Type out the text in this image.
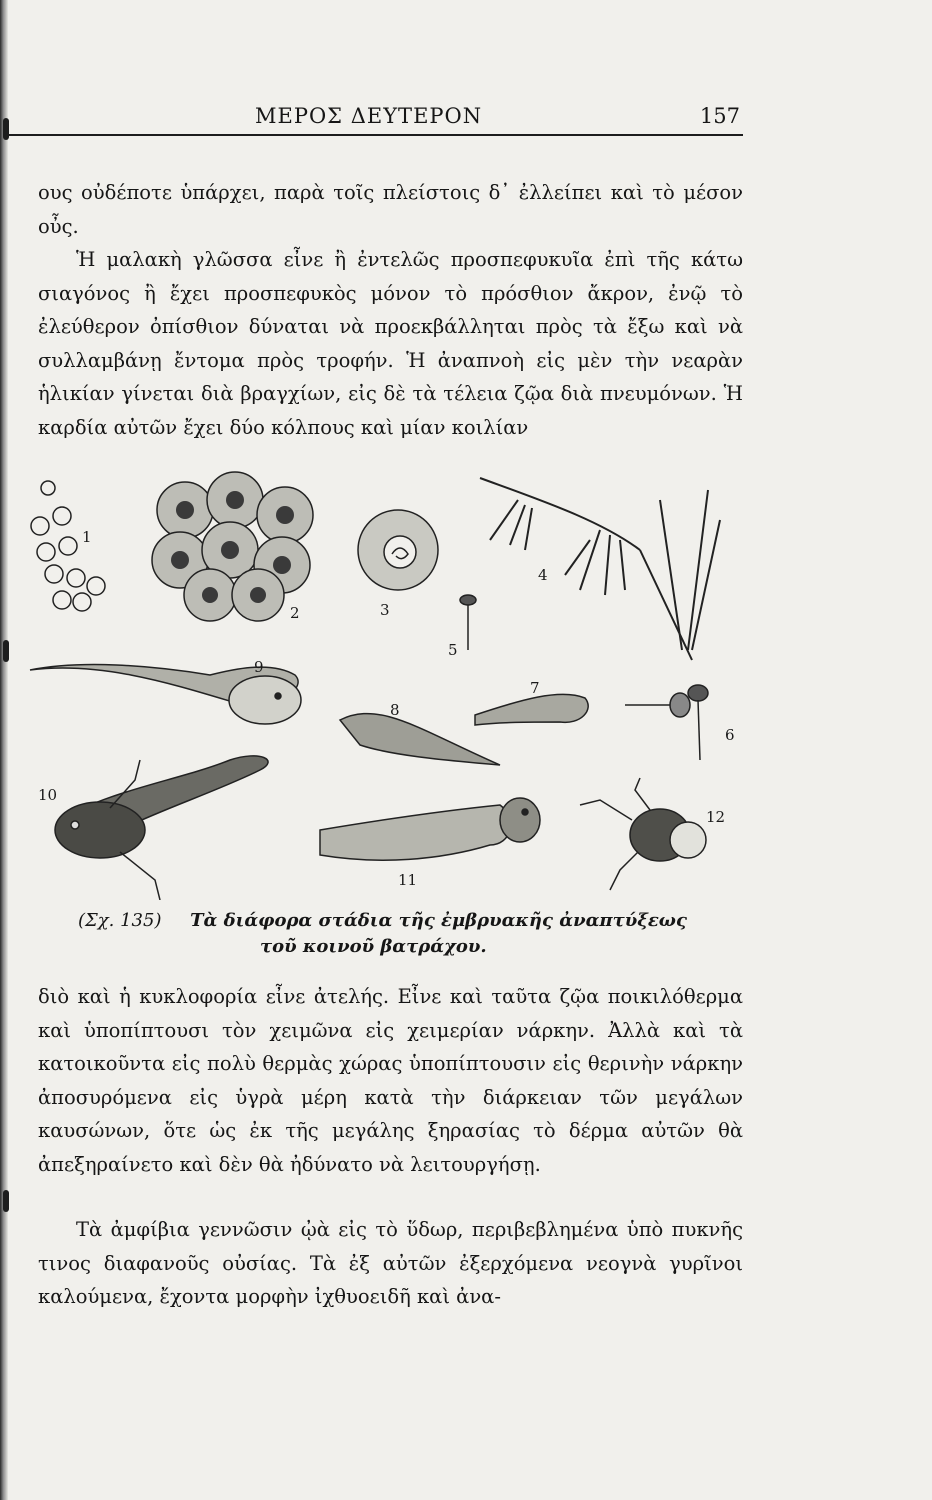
ΜΕΡΟΣ ΔΕΥΤΕΡΟΝ	157

ους οὐδέποτε ὑπάρχει, παρὰ τοῖς πλείστοις δ᾽ ἐλλείπει καὶ τὸ μέσον οὖς.

Ἡ μαλακὴ γλῶσσα εἶνε ἢ ἐντελῶς προσπεφυκυῖα ἐπὶ τῆς κάτω σιαγόνος ἢ ἔχει προσπεφυκὸς μόνον τὸ πρόσθιον ἄκρον, ἐνῷ τὸ ἐλεύθερον ὀπίσθιον δύναται νὰ προεκβάλληται πρὸς τὰ ἔξω καὶ νὰ συλλαμβάνῃ ἔντομα πρὸς τροφήν. Ἡ ἀναπνοὴ εἰς μὲν τὴν νεαρὰν ἡλικίαν γίνεται διὰ βραγχίων, εἰς δὲ τὰ τέλεια ζῷα διὰ πνευμόνων. Ἡ καρδία αὐτῶν ἔχει δύο κόλπους καὶ μίαν κοιλίαν

1
2	3
4
5
6
7
8
9
10
11
12
(Σχ. 135) Τὰ διάφορα στάδια τῆς ἐμβρυακῆς ἀναπτύξεως
τοῦ κοινοῦ βατράχου.

διὸ καὶ ἡ κυκλοφορία εἶνε ἀτελής. Εἶνε καὶ ταῦτα ζῷα ποικιλόθερμα καὶ ὑποπίπτουσι τὸν χειμῶνα εἰς χειμερίαν νάρκην. Ἀλλὰ καὶ τὰ κατοικοῦντα εἰς πολὺ θερμὰς χώρας ὑποπίπτουσιν εἰς θερινὴν νάρκην ἀποσυρόμενα εἰς ὑγρὰ μέρη κατὰ τὴν διάρκειαν τῶν μεγάλων καυσώνων, ὅτε ὡς ἐκ τῆς μεγάλης ξηρασίας τὸ δέρμα αὐτῶν θὰ ἀπεξηραίνετο καὶ δὲν θὰ ἠδύνατο νὰ λειτουργήσῃ.

Τὰ ἀμφίβια γεννῶσιν ᾠὰ εἰς τὸ ὕδωρ, περιβεβλημένα ὑπὸ πυκνῆς τινος διαφανοῦς οὐσίας. Τὰ ἐξ αὐτῶν ἐξερχόμενα νεογνὰ γυρῖνοι καλούμενα, ἔχοντα μορφὴν ἰχθυοειδῆ καὶ ἀνα-
